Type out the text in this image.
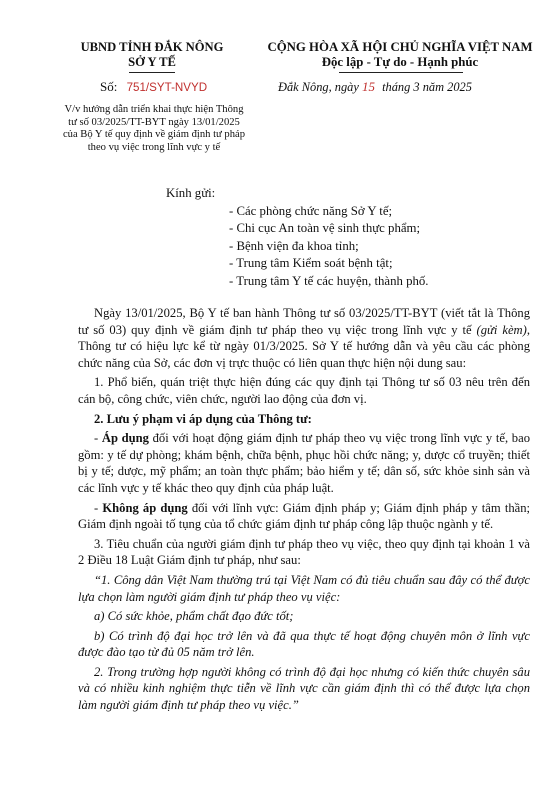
UBND TỈNH ĐẮK NÔNG
SỞ Y TẾ
Số: 751/SYT-NVYD
V/v hướng dẫn triển khai thực hiện Thông tư số 03/2025/TT-BYT ngày 13/01/2025 của Bộ Y tế quy định về giám định tư pháp theo vụ việc trong lĩnh vực y tế
CỘNG HÒA XÃ HỘI CHỦ NGHĨA VIỆT NAM
Độc lập - Tự do - Hạnh phúc
Đắk Nông, ngày 15 tháng 3 năm 2025
Kính gửi:
- Các phòng chức năng Sở Y tế;
- Chi cục An toàn vệ sinh thực phẩm;
- Bệnh viện đa khoa tỉnh;
- Trung tâm Kiểm soát bệnh tật;
- Trung tâm Y tế các huyện, thành phố.

Ngày 13/01/2025, Bộ Y tế ban hành Thông tư số 03/2025/TT-BYT (viết tắt là Thông tư số 03) quy định về giám định tư pháp theo vụ việc trong lĩnh vực y tế (gửi kèm), Thông tư có hiệu lực kể từ ngày 01/3/2025. Sở Y tế hướng dẫn và yêu cầu các phòng chức năng của Sở, các đơn vị trực thuộc có liên quan thực hiện nội dung sau:

1. Phổ biến, quán triệt thực hiện đúng các quy định tại Thông tư số 03 nêu trên đến cán bộ, công chức, viên chức, người lao động của đơn vị.

2. Lưu ý phạm vi áp dụng của Thông tư:

- Áp dụng đối với hoạt động giám định tư pháp theo vụ việc trong lĩnh vực y tế, bao gồm: y tế dự phòng; khám bệnh, chữa bệnh, phục hồi chức năng; y, dược cổ truyền; thiết bị y tế; dược, mỹ phẩm; an toàn thực phẩm; bảo hiểm y tế; dân số, sức khỏe sinh sản và các lĩnh vực y tế khác theo quy định của pháp luật.

- Không áp dụng đối với lĩnh vực: Giám định pháp y; Giám định pháp y tâm thần; Giám định ngoài tố tụng của tổ chức giám định tư pháp công lập thuộc ngành y tế.

3. Tiêu chuẩn của người giám định tư pháp theo vụ việc, theo quy định tại khoản 1 và 2 Điều 18 Luật Giám định tư pháp, như sau:

“1. Công dân Việt Nam thường trú tại Việt Nam có đủ tiêu chuẩn sau đây có thể được lựa chọn làm người giám định tư pháp theo vụ việc:

a) Có sức khỏe, phẩm chất đạo đức tốt;

b) Có trình độ đại học trở lên và đã qua thực tế hoạt động chuyên môn ở lĩnh vực được đào tạo từ đủ 05 năm trở lên.

2. Trong trường hợp người không có trình độ đại học nhưng có kiến thức chuyên sâu và có nhiều kinh nghiệm thực tiễn về lĩnh vực cần giám định thì có thể được lựa chọn làm người giám định tư pháp theo vụ việc.”
